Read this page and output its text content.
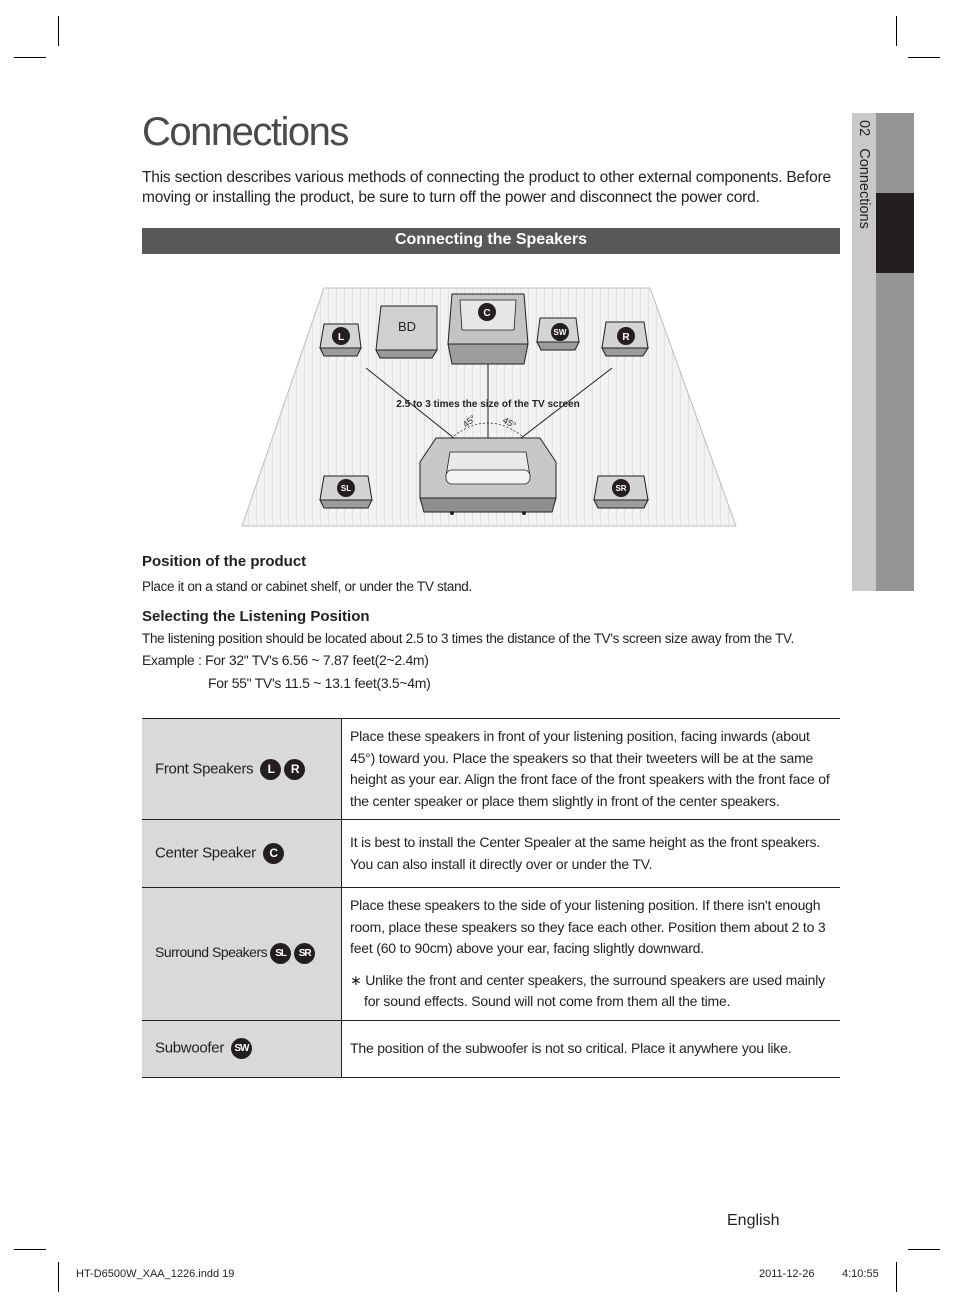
02   Connections
Connections

This section describes various methods of connecting the product to other external components. Before moving or installing the product, be sure to turn off the power and disconnect the power cord.

Connecting the Speakers
2.5 to 3 times the size of the TV screen
45°	45°
BD
C
L	SW	R
SL	SR
Position of the product

Place it on a stand or cabinet shelf, or under the TV stand.

Selecting the Listening Position

The listening position should be located about 2.5 to 3 times the distance of the TV's screen size away from the TV.

Example : For 32" TV's 6.56 ~ 7.87 feet(2~2.4m)

For 55" TV's 11.5 ~ 13.1 feet(3.5~4m)

Front Speakers L R	Place these speakers in front of your listening position, facing inwards (about 45°) toward you. Place the speakers so that their tweeters will be at the same height as your ear. Align the front face of the front speakers with the front face of the center speaker or place them slightly in front of the center speakers.
Center Speaker C	It is best to install the Center Spealer at the same height as the front speakers. You can also install it directly over or under the TV.
Surround Speakers SL SR	Place these speakers to the side of your listening position. If there isn't enough room, place these speakers so they face each other. Position them about 2 to 3 feet (60 to 90cm) above your ear, facing slightly downward.
∗ Unlike the front and center speakers, the surround speakers are used mainly for sound effects. Sound will not come from them all the time.

Subwoofer SW	The position of the subwoofer is not so critical. Place it anywhere you like.
English
HT-D6500W_XAA_1226.indd 19	2011-12-26	4:10:55
